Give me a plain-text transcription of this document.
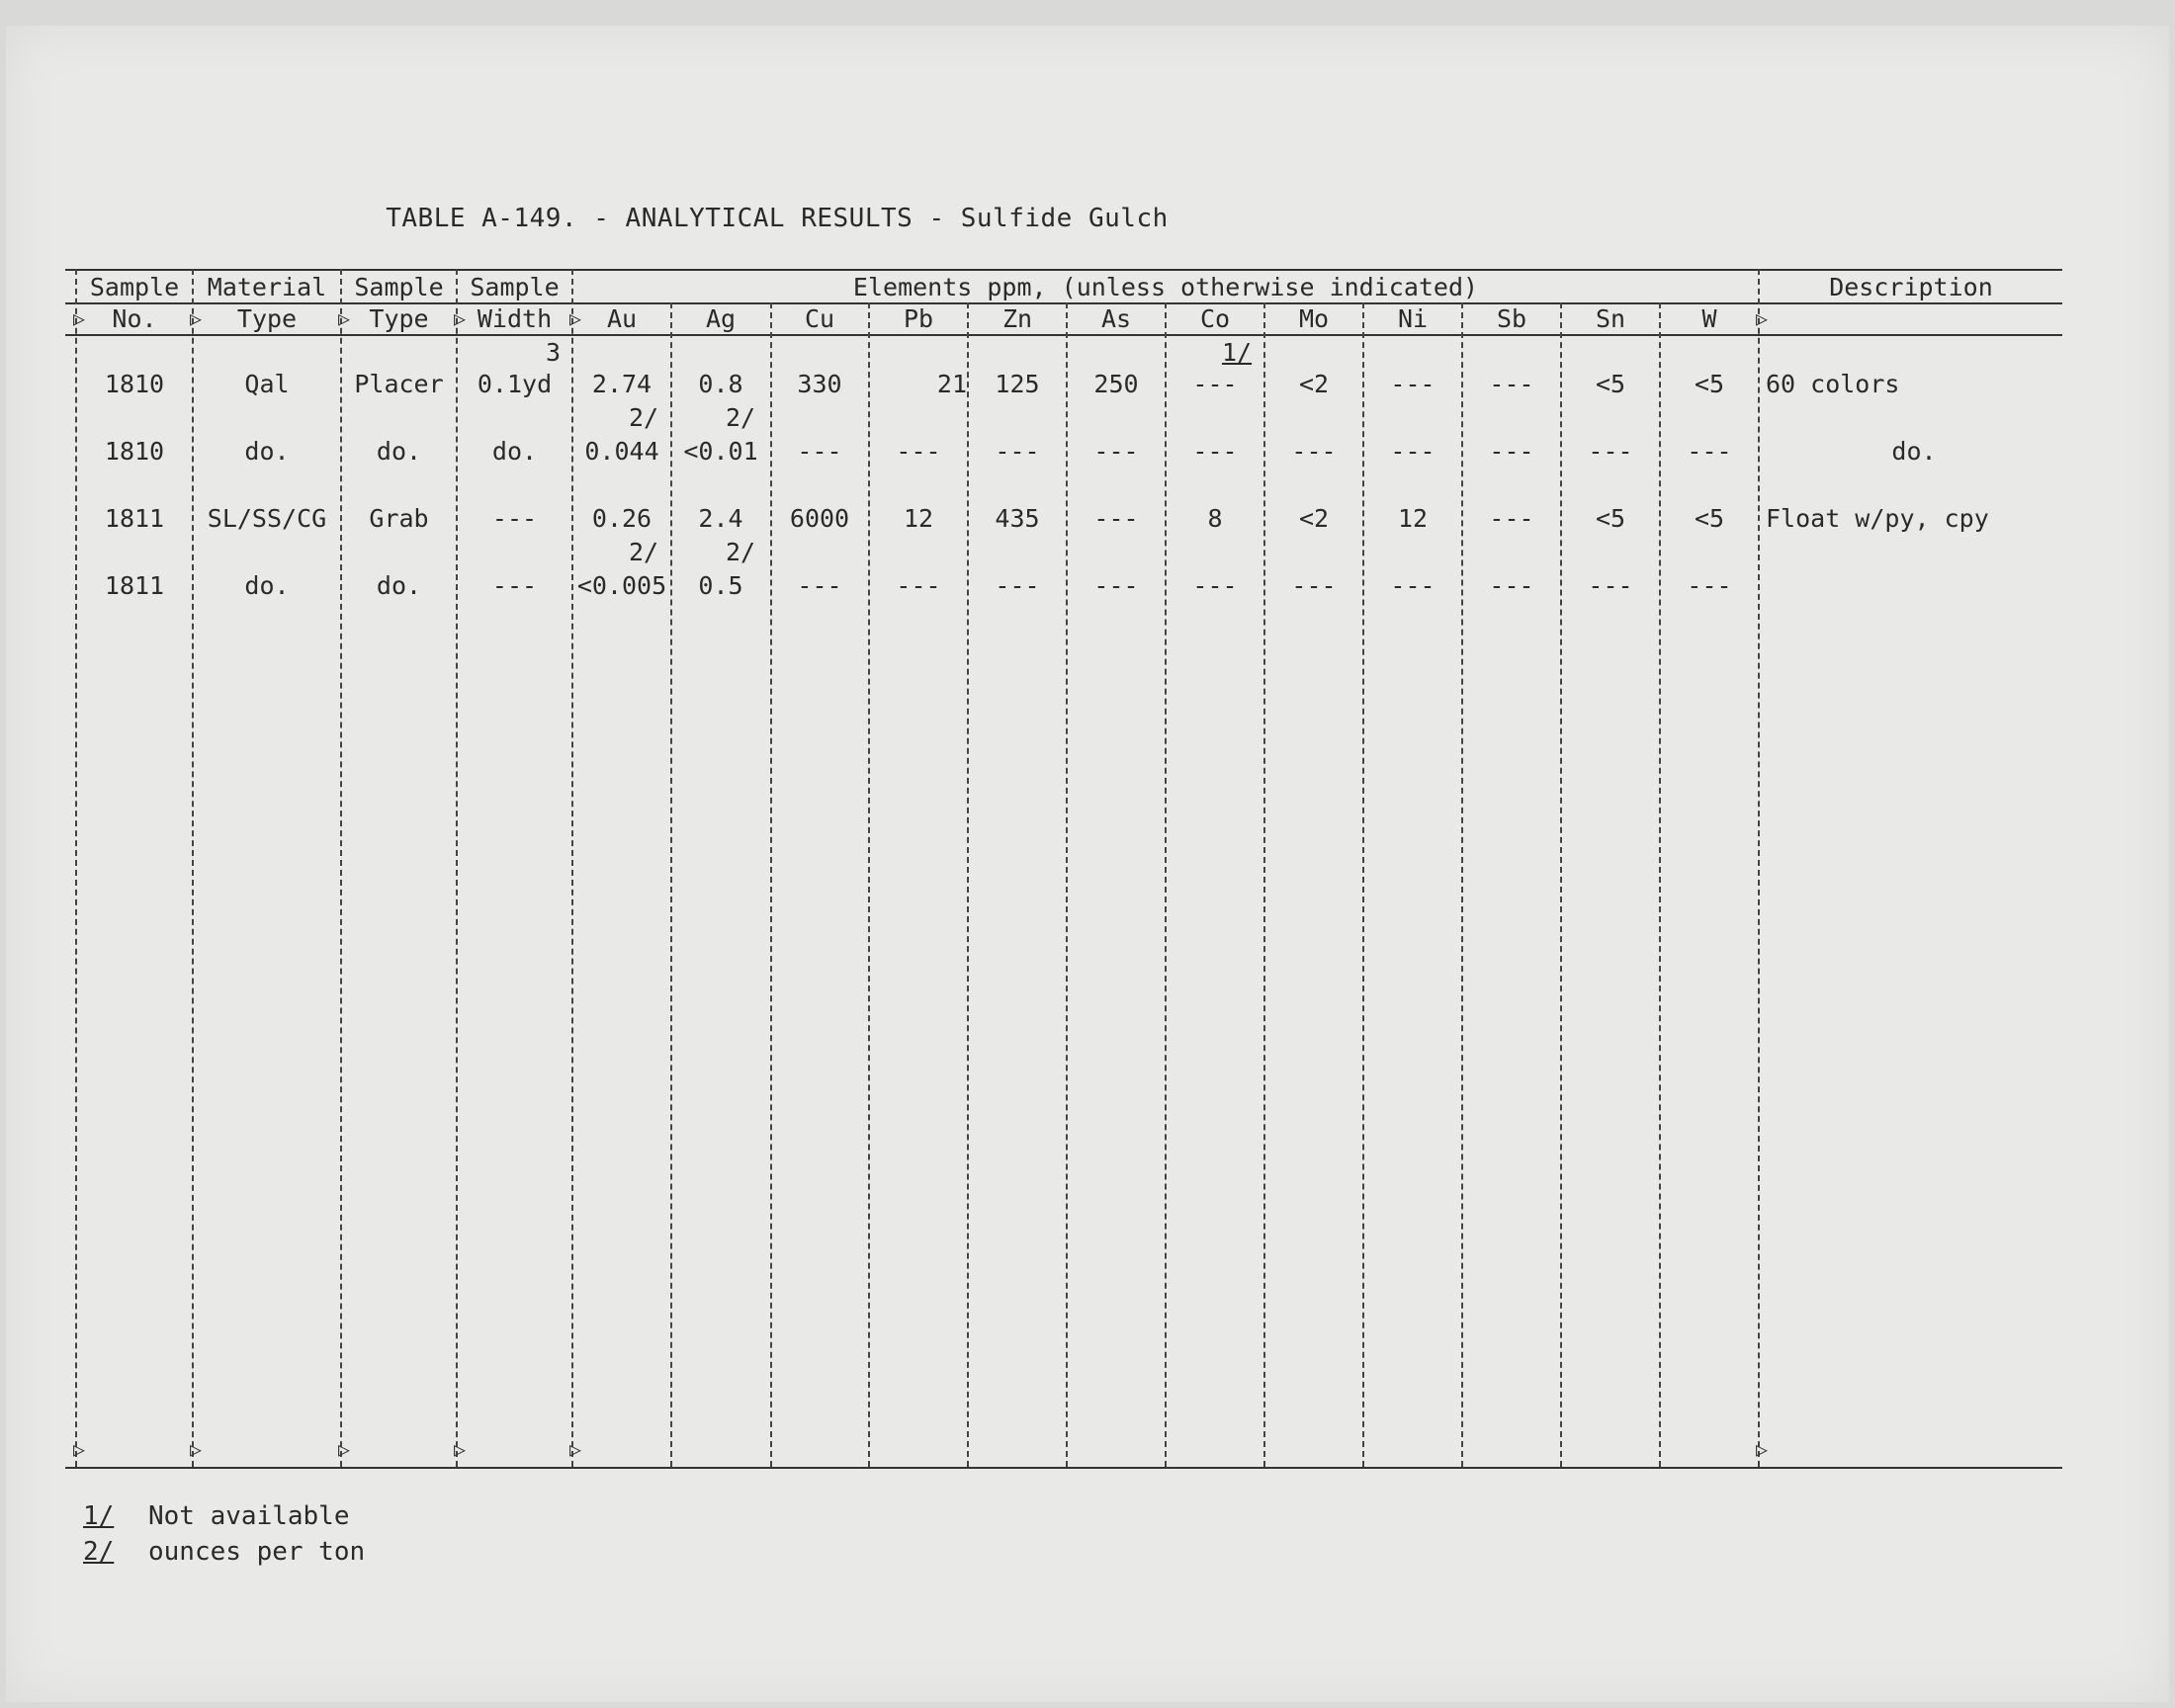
TABLE A-149. - ANALYTICAL RESULTS - Sulfide Gulch
▷	▷	▷	▷	▷	▷
▷	▷	▷	▷	▷	▷
Sample	Material	Sample	Sample	Elements ppm, (unless otherwise indicated)	Description
No.	Type	Type	Width	Au	Ag	Cu	Pb	Zn	As	Co	Mo	Ni	Sb	Sn	W
3	1/
1810	Qal	Placer	0.1yd	2.74	0.8	330	21	125	250	---	<2	---	---	<5	<5	60 colors
2/	2/
1810	do.	do.	do.	0.044 <0.01	---	---	---	---	---	---	---	---	---	---	do.
1811	SL/SS/CG	Grab	---	0.26	2.4	6000	12	435	---	8	<2	12	---	<5	<5	Float w/py, cpy
2/	2/
1811	do.	do.	---	<0.005	0.5	---	---	---	---	---	---	---	---	---	---
1/ Not available
2/ ounces per ton
